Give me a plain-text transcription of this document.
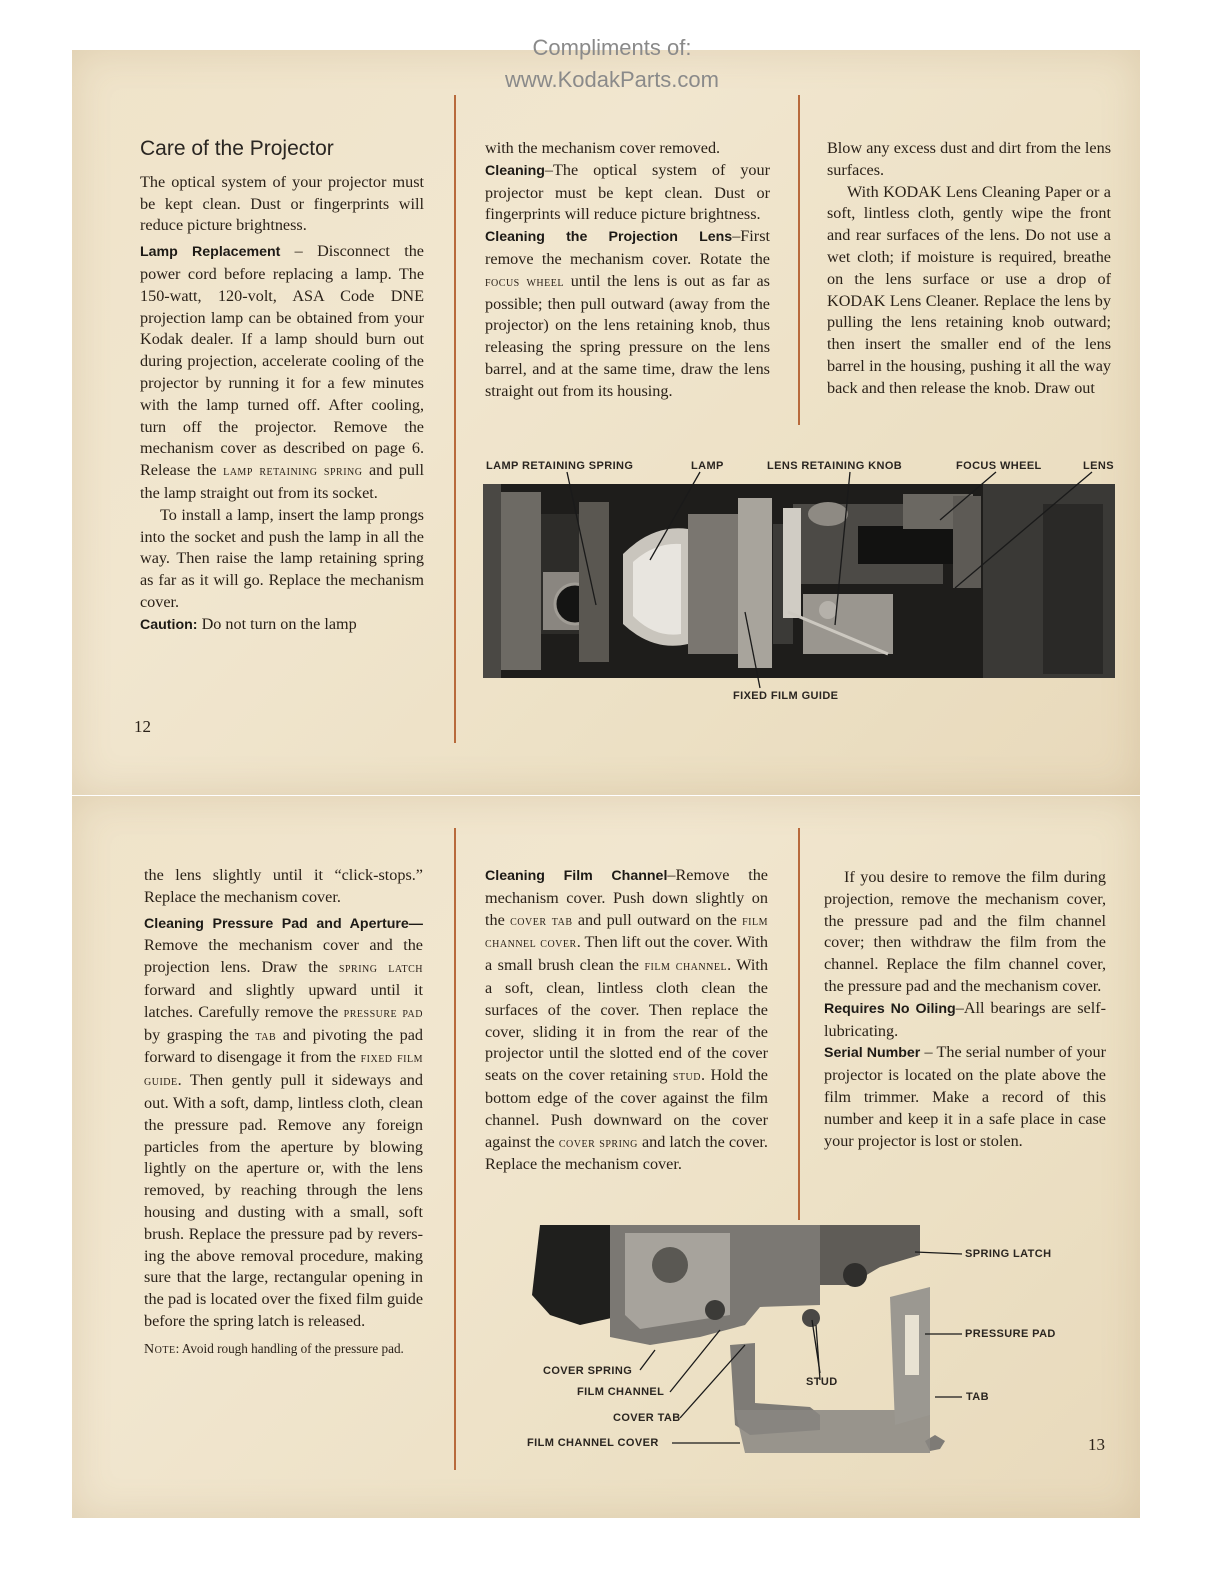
Compliments of:
www.KodakParts.com
Care of the Projector

The optical system of your projector must be kept clean. Dust or fingerprints will reduce picture brightness.

Lamp Replacement – Disconnect the power cord before replacing a lamp. The 150-watt, 120-volt, ASA Code DNE projection lamp can be obtained from your Kodak dealer. If a lamp should burn out during projection, accelerate cooling of the projector by running it for a few minutes with the lamp turned off. After cooling, turn off the projector. Remove the mechanism cover as described on page 6. Release the lamp retaining spring and pull the lamp straight out from its socket.

To install a lamp, insert the lamp prongs into the socket and push the lamp in all the way. Then raise the lamp retaining spring as far as it will go. Replace the mechanism cover.

Caution: Do not turn on the lamp

with the mechanism cover removed.

Cleaning–The optical system of your projector must be kept clean. Dust or fingerprints will reduce picture brightness.

Cleaning the Projection Lens–First remove the mechanism cover. Rotate the focus wheel until the lens is out as far as possible; then pull outward (away from the projector) on the lens retaining knob, thus releasing the spring pressure on the lens barrel, and at the same time, draw the lens straight out from its housing.

Blow any excess dust and dirt from the lens surfaces.

With KODAK Lens Cleaning Paper or a soft, lintless cloth, gently wipe the front and rear surfaces of the lens. Do not use a wet cloth; if moisture is required, breathe on the lens surface or use a drop of KODAK Lens Cleaner. Replace the lens by pulling the lens retaining knob outward; then insert the smaller end of the lens barrel in the housing, pushing it all the way back and then release the knob. Draw out

LAMP RETAINING SPRING	LAMP	LENS RETAINING KNOB	FOCUS WHEEL	LENS
FIXED FILM GUIDE
12

the lens slightly until it “click-stops.” Replace the mechanism cover.

Cleaning Pressure Pad and Aperture— Remove the mechanism cover and the projection lens. Draw the spring latch forward and slightly upward until it latches. Carefully remove the pressure pad by grasping the tab and pivoting the pad forward to disengage it from the fixed film guide. Then gently pull it sideways and out. With a soft, damp, lintless cloth, clean the pressure pad. Remove any foreign particles from the aperture by blowing lightly on the aperture or, with the lens removed, by reaching through the lens housing and dusting with a small, soft brush. Replace the pressure pad by reversing the above removal procedure, making sure that the large, rectangular opening in the pad is located over the fixed film guide before the spring latch is released.

Note: Avoid rough handling of the pressure pad.

Cleaning Film Channel–Remove the mechanism cover. Push down slightly on the cover tab and pull outward on the film channel cover. Then lift out the cover. With a small brush clean the film channel. With a soft, clean, lintless cloth clean the surfaces of the cover. Then replace the cover, sliding it in from the rear of the projector until the slotted end of the cover seats on the cover retaining stud. Hold the bottom edge of the cover against the film channel. Push downward on the cover against the cover spring and latch the cover. Replace the mechanism cover.

If you desire to remove the film during projection, remove the mechanism cover, the pressure pad and the film channel cover; then withdraw the film from the channel. Replace the film channel cover, the pressure pad and the mechanism cover.

Requires No Oiling–All bearings are self-lubricating.

Serial Number – The serial number of your projector is located on the plate above the film trimmer. Make a record of this number and keep it in a safe place in case your projector is lost or stolen.

SPRING LATCH
PRESSURE PAD
STUD
TAB
COVER SPRING
FILM CHANNEL
COVER TAB
FILM CHANNEL COVER	13
